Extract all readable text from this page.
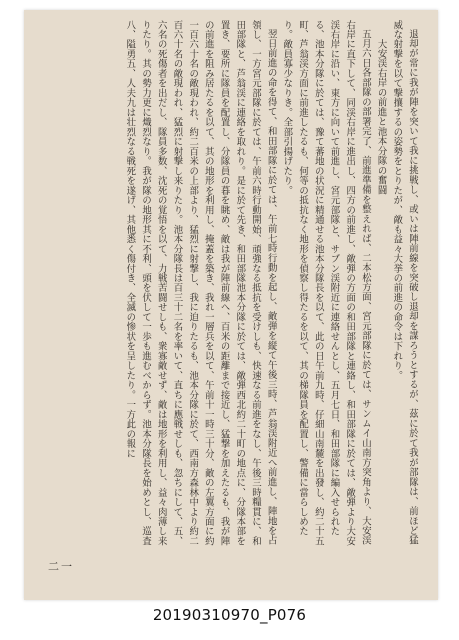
退却が常に我が陣を突いて我に挑戦し、或いは陣前線を突破し退却を謀ろうとするが、茲に於て我が部隊は、前ほど猛威な射撃を以て撃攘するの姿勢をとりたが、敵も益々大挙の前進の命令は下れり。

大安渓右岸の前進と池本分隊の奮闘

五月六日各部隊の部署完了、前進準備を整えれば、二本松方面、宮元部隊に於ては、サンムイ山南方突角より、大安渓右岸に直下して、同渓右岸に進出し、四方の前進し、敵弾の方面の和田部隊と連絡し、和田部隊に於ては、敵弾より大安渓右岸に沿い、東方に向いて前進し、宮元部隊と、サブン渓附近に連絡せんとし、五月七日、和田部隊に編入せられたる、池本分隊に於ては、豫て蕃地の状況に精通せる池本分隊長を以て、此の日午前九時、仔細山南麓を出發し、約二十五町、芦翁渓方面に前進したるも、何等の抵抗なく地形を偵察し得たるを以て、其の梯隊員を配置し、警備に當らしめたり。敵員寡少なりき。全部引揚げたり。

翌日前進の命を得て、和田部隊に於ては、午前七時行動を起し、敵弾を縦て午後三時、芦翁渓附近へ前進し、陣地を占領し、一方宮元部隊に於ては、午前六時行動開始、頑強なる抵抗を受けしも、快速なる前進をなし、午後三時糧貫に、和田部隊と、芦翁渓に連絡を取れり。是に於て先き、和田部隊池本分隊に於ては、敵弾西北約二十町の地点に、分隊本部を置き、要所に隊員を配置し、分隊員の暮を眺め、敵は我が陣前線へ、百米の距離まで接近し、猛撃を加えたるも、我が陣の前進を阻み居たるを以て、其の地形を利用し、掩蓋を築き、我れ一層兵を以て、午前十一時三十分、敵の左翼方面に約一百六十名の敵現われ、約二百米の上部より、猛烈に射撃し、我に迫りたるも、池本分隊に於て、西南方森林中より約二百六十名の敵現われ、猛烈に射撃し来りたり。池本分隊長は百三十二名を率いて、直ちに應戦せしも、忽ちにして、五、六名の死傷者を出だし、隊員多数、沈死の覚悟を以て、力戦苦闘せしも、衆寡敵せず、敵は地形を利用し、益々肉薄し来りたり。其の勢力更に熾烈なり。我が隊の地形其に不利、頭を伏して一歩も進むべからず。池本分隊長を始めとし、巡査八、隘勇五、人夫九は壮烈なる戦死を遂げ、其他悉く傷付き、全滅の惨状を呈したり。一方此の報に

二一
20190310970_P076
